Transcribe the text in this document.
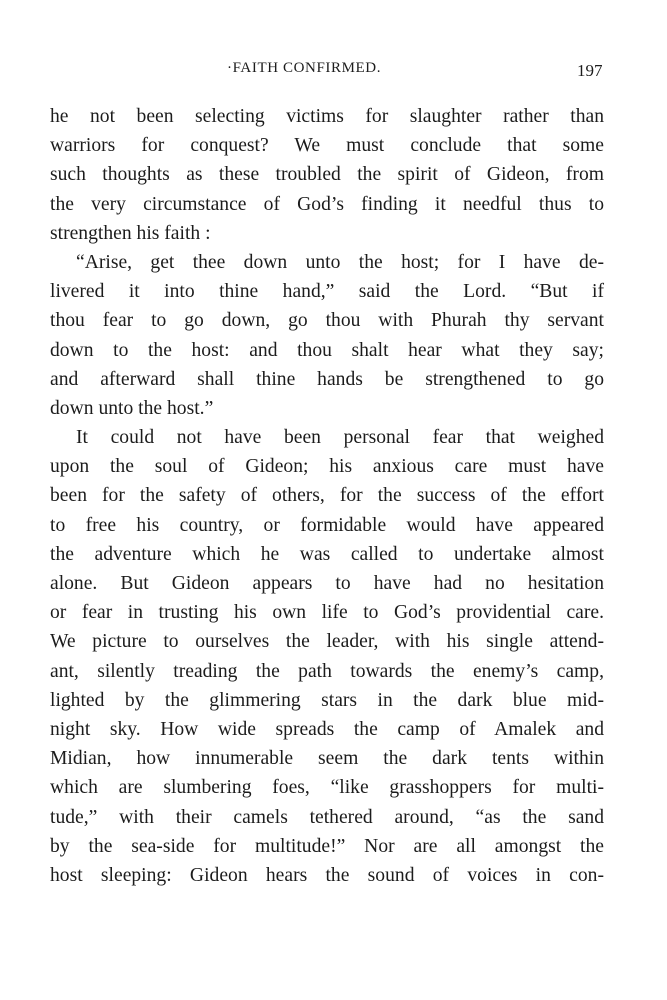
·FAITH CONFIRMED.	197
he not been selecting victims for slaughter rather than
warriors for conquest? We must conclude that some
such thoughts as these troubled the spirit of Gideon, from
the very circumstance of God’s finding it needful thus to
strengthen his faith :
“Arise, get thee down unto the host; for I have de-
livered it into thine hand,” said the Lord. “But if
thou fear to go down, go thou with Phurah thy servant
down to the host: and thou shalt hear what they say;
and afterward shall thine hands be strengthened to go
down unto the host.”
It could not have been personal fear that weighed
upon the soul of Gideon; his anxious care must have
been for the safety of others, for the success of the effort
to free his country, or formidable would have appeared
the adventure which he was called to undertake almost
alone. But Gideon appears to have had no hesitation
or fear in trusting his own life to God’s providential care.
We picture to ourselves the leader, with his single attend-
ant, silently treading the path towards the enemy’s camp,
lighted by the glimmering stars in the dark blue mid-
night sky. How wide spreads the camp of Amalek and
Midian, how innumerable seem the dark tents within
which are slumbering foes, “like grasshoppers for multi-
tude,” with their camels tethered around, “as the sand
by the sea-side for multitude!” Nor are all amongst the
host sleeping: Gideon hears the sound of voices in con-
